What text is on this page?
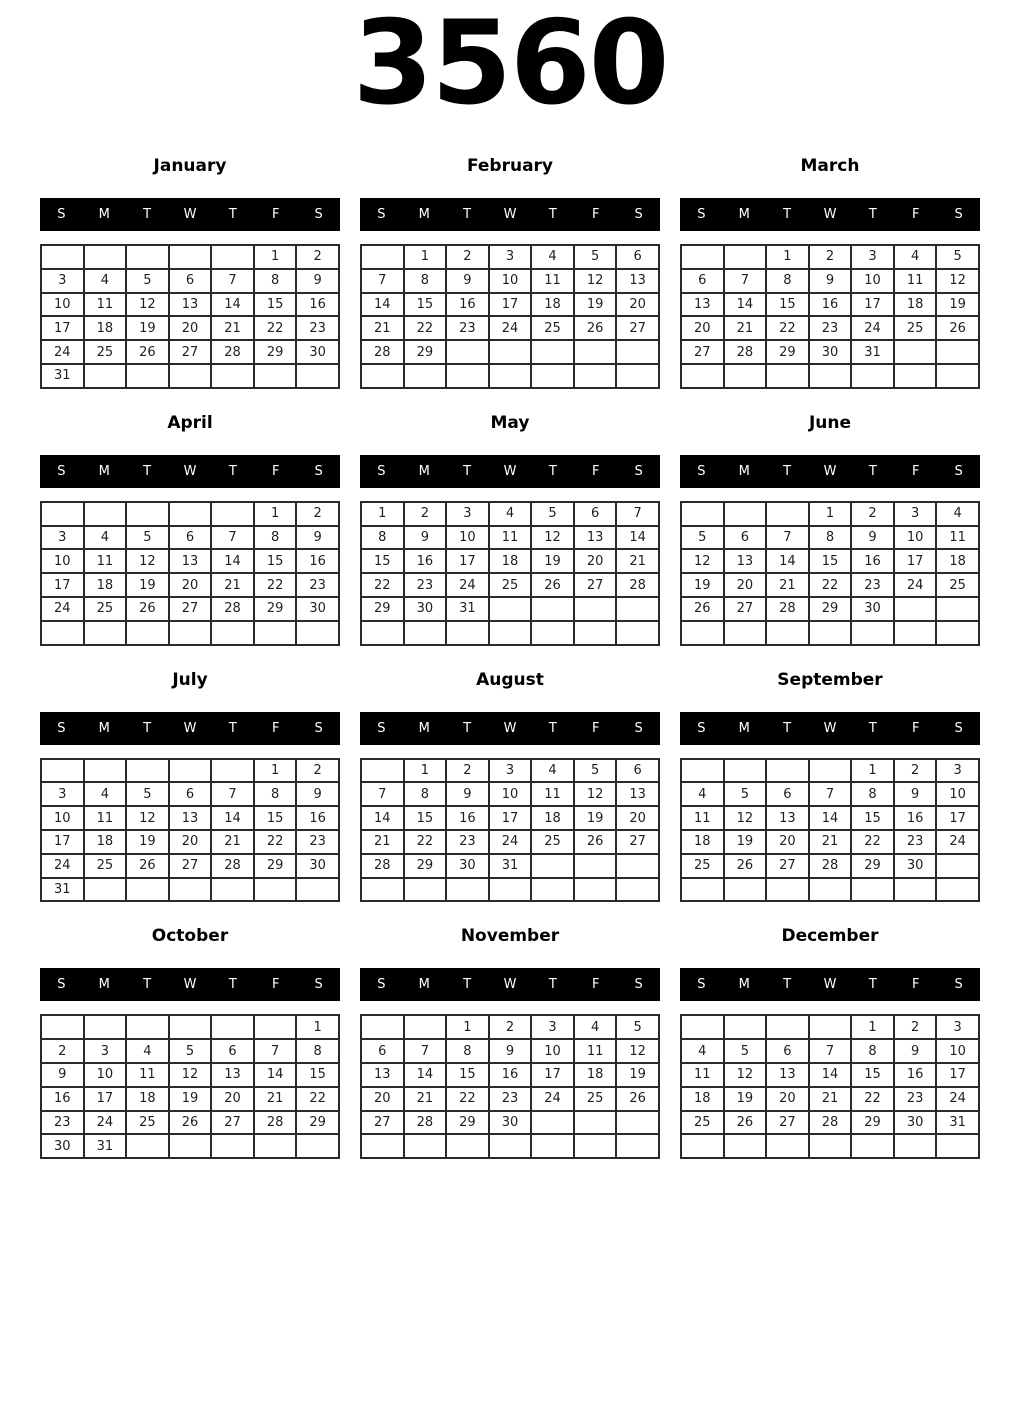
3560
January
S	M	T	W	T	F	S
					1	2
3	4	5	6	7	8	9
10	11	12	13	14	15	16
17	18	19	20	21	22	23
24	25	26	27	28	29	30
31						
February
S	M	T	W	T	F	S
	1	2	3	4	5	6
7	8	9	10	11	12	13
14	15	16	17	18	19	20
21	22	23	24	25	26	27
28	29					

March
S	M	T	W	T	F	S
		1	2	3	4	5
6	7	8	9	10	11	12
13	14	15	16	17	18	19
20	21	22	23	24	25	26
27	28	29	30	31		

April
S	M	T	W	T	F	S
					1	2
3	4	5	6	7	8	9
10	11	12	13	14	15	16
17	18	19	20	21	22	23
24	25	26	27	28	29	30

May
S	M	T	W	T	F	S
1	2	3	4	5	6	7
8	9	10	11	12	13	14
15	16	17	18	19	20	21
22	23	24	25	26	27	28
29	30	31				

June
S	M	T	W	T	F	S
			1	2	3	4
5	6	7	8	9	10	11
12	13	14	15	16	17	18
19	20	21	22	23	24	25
26	27	28	29	30		

July
S	M	T	W	T	F	S
					1	2
3	4	5	6	7	8	9
10	11	12	13	14	15	16
17	18	19	20	21	22	23
24	25	26	27	28	29	30
31						
August
S	M	T	W	T	F	S
	1	2	3	4	5	6
7	8	9	10	11	12	13
14	15	16	17	18	19	20
21	22	23	24	25	26	27
28	29	30	31			

September
S	M	T	W	T	F	S
				1	2	3
4	5	6	7	8	9	10
11	12	13	14	15	16	17
18	19	20	21	22	23	24
25	26	27	28	29	30	

October
S	M	T	W	T	F	S
						1
2	3	4	5	6	7	8
9	10	11	12	13	14	15
16	17	18	19	20	21	22
23	24	25	26	27	28	29
30	31					
November
S	M	T	W	T	F	S
		1	2	3	4	5
6	7	8	9	10	11	12
13	14	15	16	17	18	19
20	21	22	23	24	25	26
27	28	29	30			

December
S	M	T	W	T	F	S
				1	2	3
4	5	6	7	8	9	10
11	12	13	14	15	16	17
18	19	20	21	22	23	24
25	26	27	28	29	30	31
